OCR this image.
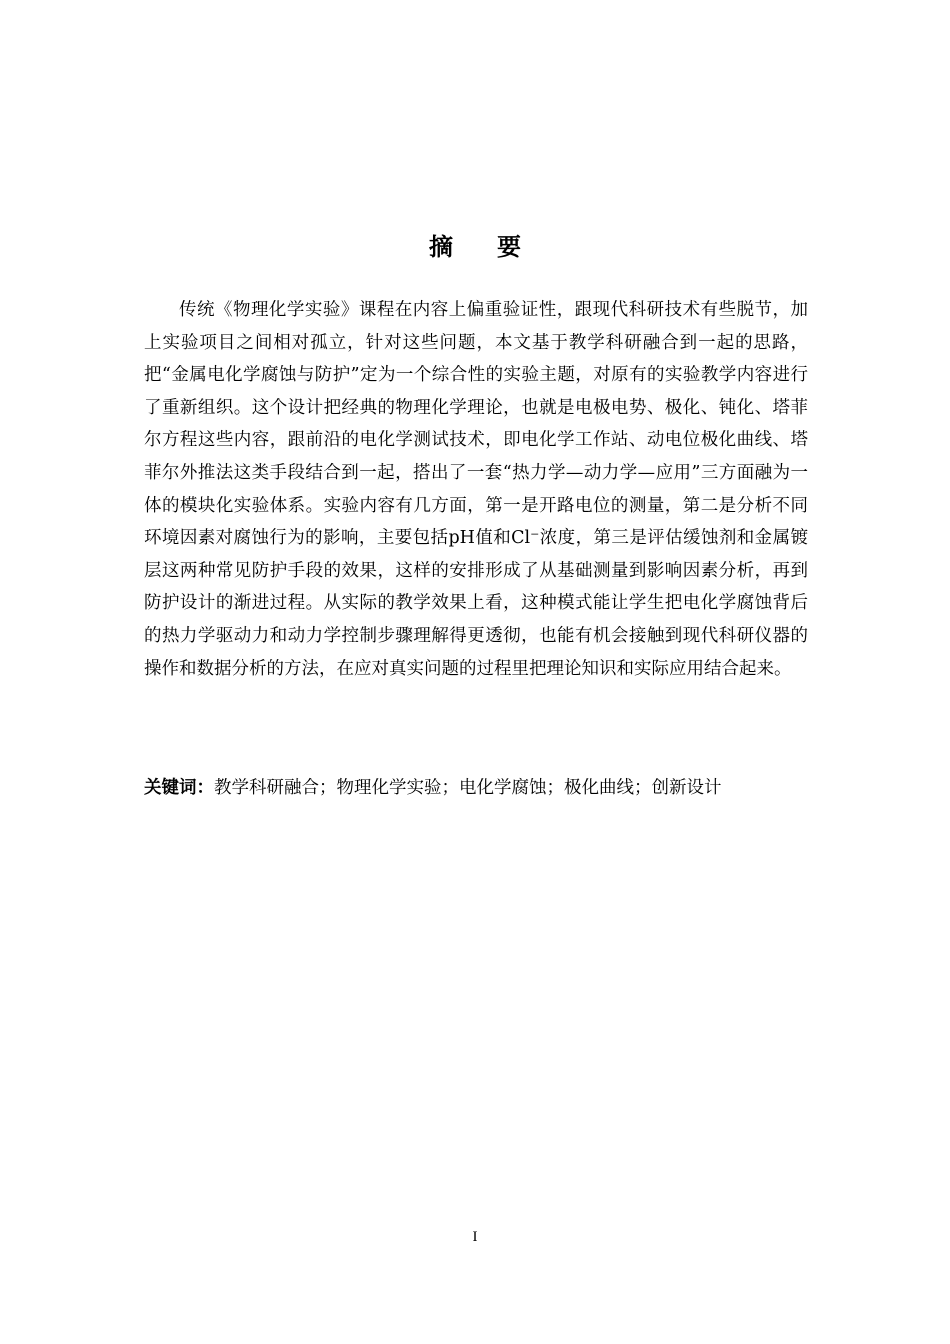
摘要

传统《物理化学实验》课程在内容上偏重验证性，跟现代科研技术有些脱节，加上实验项目之间相对孤立，针对这些问题，本文基于教学科研融合到一起的思路，把“金属电化学腐蚀与防护”定为一个综合性的实验主题，对原有的实验教学内容进行了重新组织。这个设计把经典的物理化学理论，也就是电极电势、极化、钝化、塔菲尔方程这些内容，跟前沿的电化学测试技术，即电化学工作站、动电位极化曲线、塔菲尔外推法这类手段结合到一起，搭出了一套“热力学—动力学—应用”三方面融为一体的模块化实验体系。实验内容有几方面，第一是开路电位的测量，第二是分析不同环境因素对腐蚀行为的影响，主要包括pH值和Cl⁻浓度，第三是评估缓蚀剂和金属镀层这两种常见防护手段的效果，这样的安排形成了从基础测量到影响因素分析，再到防护设计的渐进过程。从实际的教学效果上看，这种模式能让学生把电化学腐蚀背后的热力学驱动力和动力学控制步骤理解得更透彻，也能有机会接触到现代科研仪器的操作和数据分析的方法，在应对真实问题的过程里把理论知识和实际应用结合起来。

关键词：教学科研融合；物理化学实验；电化学腐蚀；极化曲线；创新设计

I
